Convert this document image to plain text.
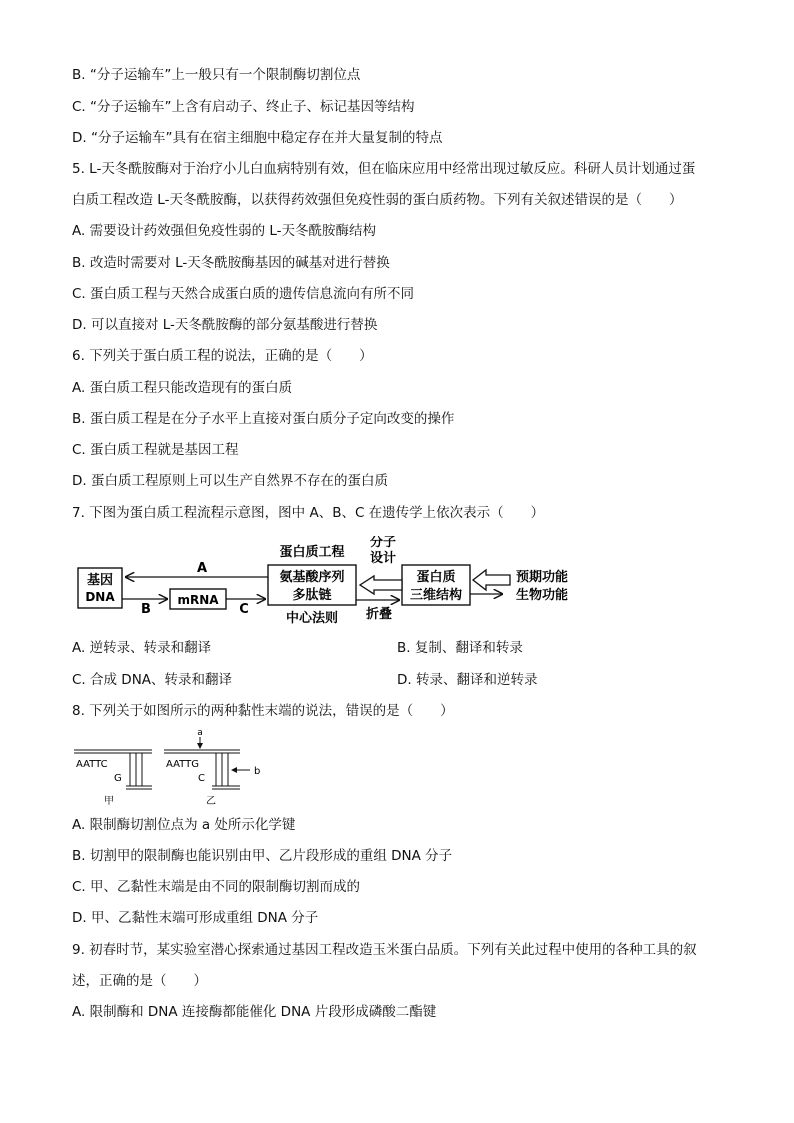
B. “分子运输车”上一般只有一个限制酶切割位点
C. “分子运输车”上含有启动子、终止子、标记基因等结构
D. “分子运输车”具有在宿主细胞中稳定存在并大量复制的特点
5. L-天冬酰胺酶对于治疗小儿白血病特别有效，但在临床应用中经常出现过敏反应。科研人员计划通过蛋
白质工程改造 L-天冬酰胺酶，以获得药效强但免疫性弱的蛋白质药物。下列有关叙述错误的是（　　）
A. 需要设计药效强但免疫性弱的 L-天冬酰胺酶结构
B. 改造时需要对 L-天冬酰胺酶基因的碱基对进行替换
C. 蛋白质工程与天然合成蛋白质的遗传信息流向有所不同
D. 可以直接对 L-天冬酰胺酶的部分氨基酸进行替换
6. 下列关于蛋白质工程的说法，正确的是（　　）
A. 蛋白质工程只能改造现有的蛋白质
B. 蛋白质工程是在分子水平上直接对蛋白质分子定向改变的操作
C. 蛋白质工程就是基因工程
D. 蛋白质工程原则上可以生产自然界不存在的蛋白质
7. 下图为蛋白质工程流程示意图，图中 A、B、C 在遗传学上依次表示（　　）
基因
DNA	mRNA
氨基酸序列
多肽链
蛋白质工程
中心法则
蛋白质
三维结构
分子
设计
折叠
预期功能
生物功能
A
B	C
A. 逆转录、转录和翻译	B. 复制、翻译和转录
C. 合成 DNA、转录和翻译	D. 转录、翻译和逆转录
8. 下列关于如图所示的两种黏性末端的说法，错误的是（　　）
AATTC
G
甲
AATTG
C
乙
a
b
A. 限制酶切割位点为 a 处所示化学键
B. 切割甲的限制酶也能识别由甲、乙片段形成的重组 DNA 分子
C. 甲、乙黏性末端是由不同的限制酶切割而成的
D. 甲、乙黏性末端可形成重组 DNA 分子
9. 初春时节，某实验室潜心探索通过基因工程改造玉米蛋白品质。下列有关此过程中使用的各种工具的叙
述，正确的是（　　）
A. 限制酶和 DNA 连接酶都能催化 DNA 片段形成磷酸二酯键
